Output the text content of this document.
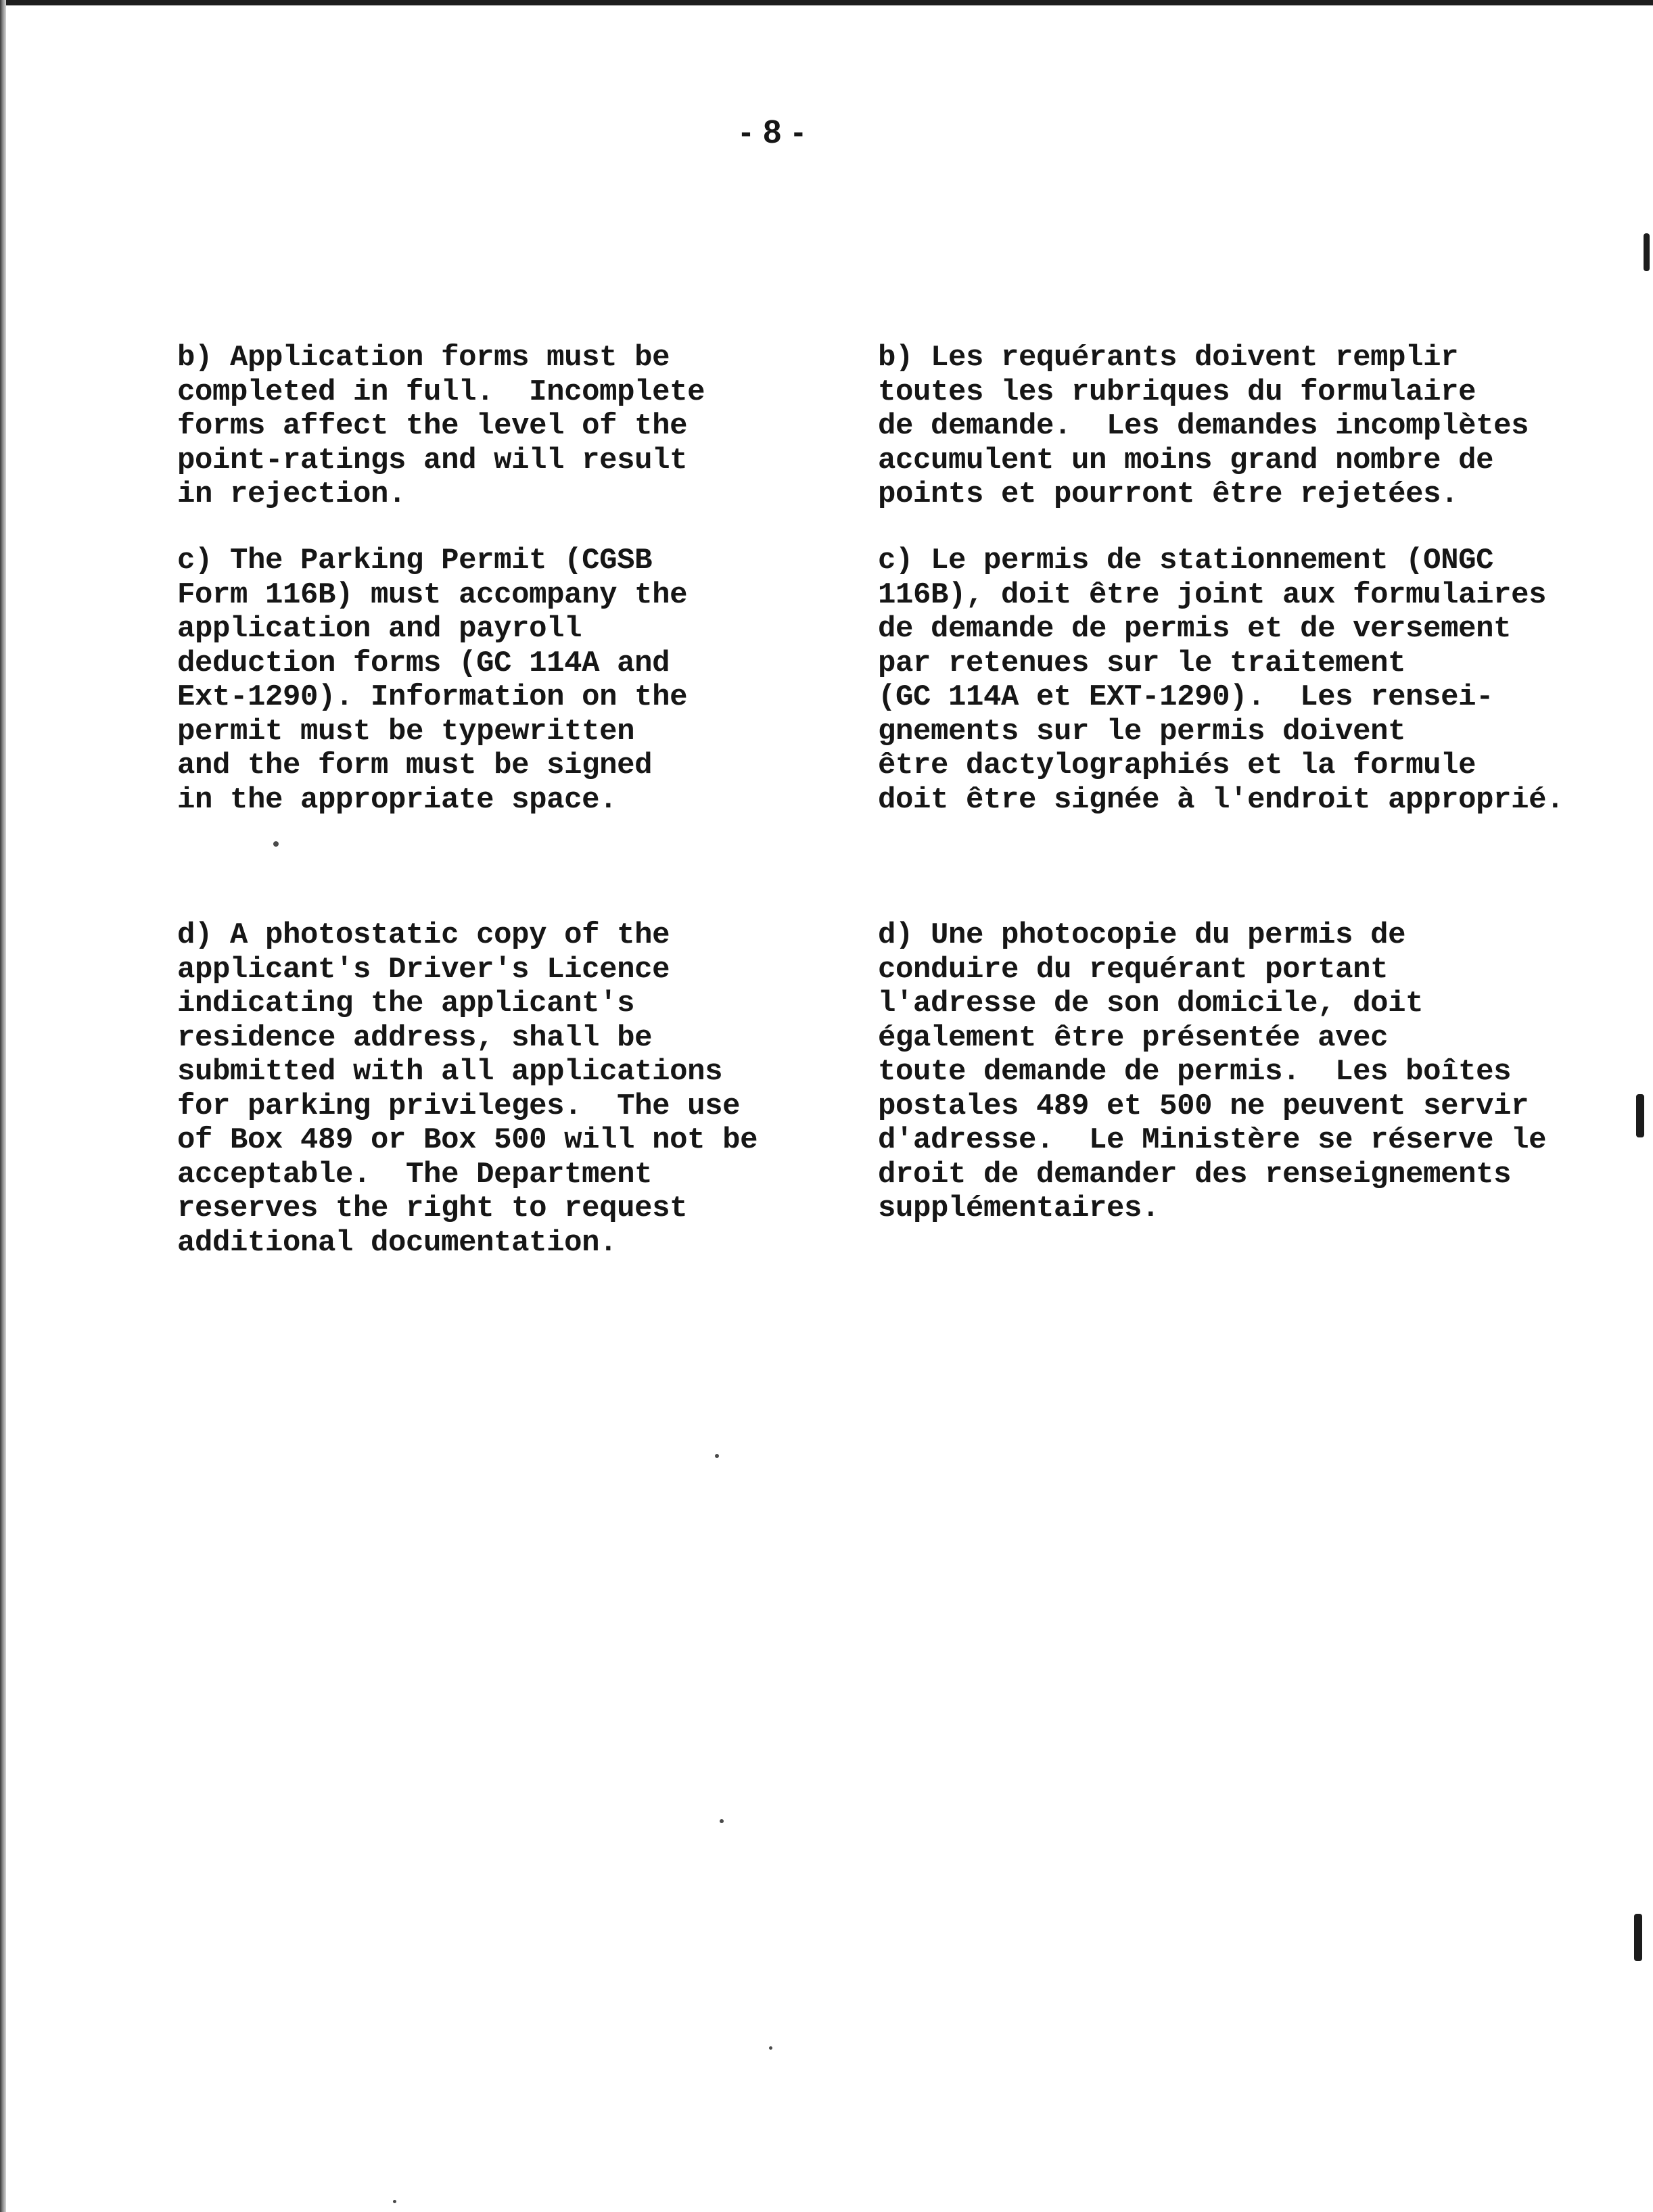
- 8 -
b) Application forms must be
completed in full.  Incomplete
forms affect the level of the
point-ratings and will result
in rejection.
b) Les requérants doivent remplir
toutes les rubriques du formulaire
de demande.  Les demandes incomplètes
accumulent un moins grand nombre de
points et pourront être rejetées.
c) The Parking Permit (CGSB
Form 116B) must accompany the
application and payroll
deduction forms (GC 114A and
Ext-1290). Information on the
permit must be typewritten
and the form must be signed
in the appropriate space.
c) Le permis de stationnement (ONGC
116B), doit être joint aux formulaires
de demande de permis et de versement
par retenues sur le traitement
(GC 114A et EXT-1290).  Les rensei-
gnements sur le permis doivent
être dactylographiés et la formule
doit être signée à l'endroit approprié.
d) A photostatic copy of the
applicant's Driver's Licence
indicating the applicant's
residence address, shall be
submitted with all applications
for parking privileges.  The use
of Box 489 or Box 500 will not be
acceptable.  The Department
reserves the right to request
additional documentation.
d) Une photocopie du permis de
conduire du requérant portant
l'adresse de son domicile, doit
également être présentée avec
toute demande de permis.  Les boîtes
postales 489 et 500 ne peuvent servir
d'adresse.  Le Ministère se réserve le
droit de demander des renseignements
supplémentaires.
